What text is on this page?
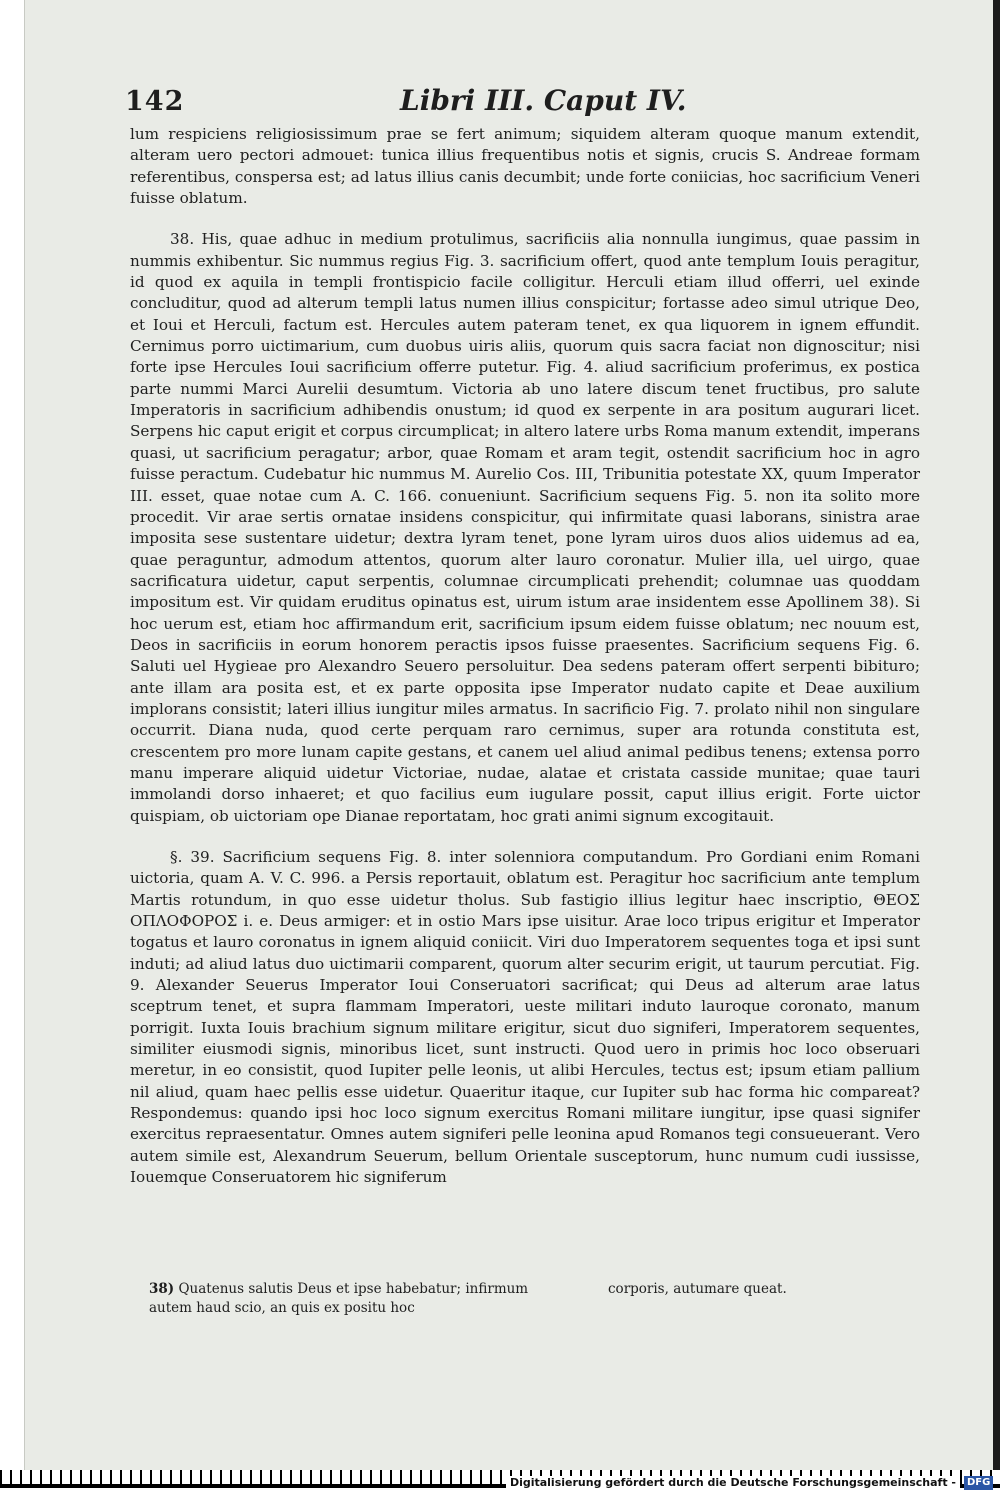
142	Libri III. Caput IV.

lum respiciens religiosissimum prae se fert animum; siquidem alteram quoque manum extendit, alteram uero pectori admouet: tunica illius frequentibus notis et signis, crucis S. Andreae formam referentibus, conspersa est; ad latus illius canis decumbit; unde forte coniicias, hoc sacrificium Veneri fuisse oblatum.

38. His, quae adhuc in medium protulimus, sacrificiis alia nonnulla iungimus, quae passim in nummis exhibentur. Sic nummus regius Fig. 3. sacrificium offert, quod ante templum Iouis peragitur, id quod ex aquila in templi frontispicio facile colligitur. Herculi etiam illud offerri, uel exinde concluditur, quod ad alterum templi latus numen illius conspicitur; fortasse adeo simul utrique Deo, et Ioui et Herculi, factum est. Hercules autem pateram tenet, ex qua liquorem in ignem effundit. Cernimus porro uictimarium, cum duobus uiris aliis, quorum quis sacra faciat non dignoscitur; nisi forte ipse Hercules Ioui sacrificium offerre putetur. Fig. 4. aliud sacrificium proferimus, ex postica parte nummi Marci Aurelii desumtum. Victoria ab uno latere discum tenet fructibus, pro salute Imperatoris in sacrificium adhibendis onustum; id quod ex serpente in ara positum augurari licet. Serpens hic caput erigit et corpus circumplicat; in altero latere urbs Roma manum extendit, imperans quasi, ut sacrificium peragatur; arbor, quae Romam et aram tegit, ostendit sacrificium hoc in agro fuisse peractum. Cudebatur hic nummus M. Aurelio Cos. III, Tribunitia potestate XX, quum Imperator III. esset, quae notae cum A. C. 166. conueniunt. Sacrificium sequens Fig. 5. non ita solito more procedit. Vir arae sertis ornatae insidens conspicitur, qui infirmitate quasi laborans, sinistra arae imposita sese sustentare uidetur; dextra lyram tenet, pone lyram uiros duos alios uidemus ad ea, quae peraguntur, admodum attentos, quorum alter lauro coronatur. Mulier illa, uel uirgo, quae sacrificatura uidetur, caput serpentis, columnae circumplicati prehendit; columnae uas quoddam impositum est. Vir quidam eruditus opinatus est, uirum istum arae insidentem esse Apollinem 38). Si hoc uerum est, etiam hoc affirmandum erit, sacrificium ipsum eidem fuisse oblatum; nec nouum est, Deos in sacrificiis in eorum honorem peractis ipsos fuisse praesentes. Sacrificium sequens Fig. 6. Saluti uel Hygieae pro Alexandro Seuero persoluitur. Dea sedens pateram offert serpenti bibituro; ante illam ara posita est, et ex parte opposita ipse Imperator nudato capite et Deae auxilium implorans consistit; lateri illius iungitur miles armatus. In sacrificio Fig. 7. prolato nihil non singulare occurrit. Diana nuda, quod certe perquam raro cernimus, super ara rotunda constituta est, crescentem pro more lunam capite gestans, et canem uel aliud animal pedibus tenens; extensa porro manu imperare aliquid uidetur Victoriae, nudae, alatae et cristata casside munitae; quae tauri immolandi dorso inhaeret; et quo facilius eum iugulare possit, caput illius erigit. Forte uictor quispiam, ob uictoriam ope Dianae reportatam, hoc grati animi signum excogitauit.

§. 39. Sacrificium sequens Fig. 8. inter solenniora computandum. Pro Gordiani enim Romani uictoria, quam A. V. C. 996. a Persis reportauit, oblatum est. Peragitur hoc sacrificium ante templum Martis rotundum, in quo esse uidetur tholus. Sub fastigio illius legitur haec inscriptio, ΘΕΟΣ ΟΠΛΟΦΟΡΟΣ i. e. Deus armiger: et in ostio Mars ipse uisitur. Arae loco tripus erigitur et Imperator togatus et lauro coronatus in ignem aliquid coniicit. Viri duo Imperatorem sequentes toga et ipsi sunt induti; ad aliud latus duo uictimarii comparent, quorum alter securim erigit, ut taurum percutiat. Fig. 9. Alexander Seuerus Imperator Ioui Conseruatori sacrificat; qui Deus ad alterum arae latus sceptrum tenet, et supra flammam Imperatori, ueste militari induto lauroque coronato, manum porrigit. Iuxta Iouis brachium signum militare erigitur, sicut duo signiferi, Imperatorem sequentes, similiter eiusmodi signis, minoribus licet, sunt instructi. Quod uero in primis hoc loco obseruari meretur, in eo consistit, quod Iupiter pelle leonis, ut alibi Hercules, tectus est; ipsum etiam pallium nil aliud, quam haec pellis esse uidetur. Quaeritur itaque, cur Iupiter sub hac forma hic compareat? Respondemus: quando ipsi hoc loco signum exercitus Romani militare iungitur, ipse quasi signifer exercitus repraesentatur. Omnes autem signiferi pelle leonina apud Romanos tegi consueuerant. Vero autem simile est, Alexandrum Seuerum, bellum Orientale susceptorum, hunc numum cudi iussisse, Iouemque Conseruatorem hic signiferum

38) Quatenus salutis Deus et ipse habebatur; infirmum autem haud scio, an quis ex positu hoc
corporis, autumare queat.
Digitalisierung gefördert durch die Deutsche Forschungsgemeinschaft -	DFG
